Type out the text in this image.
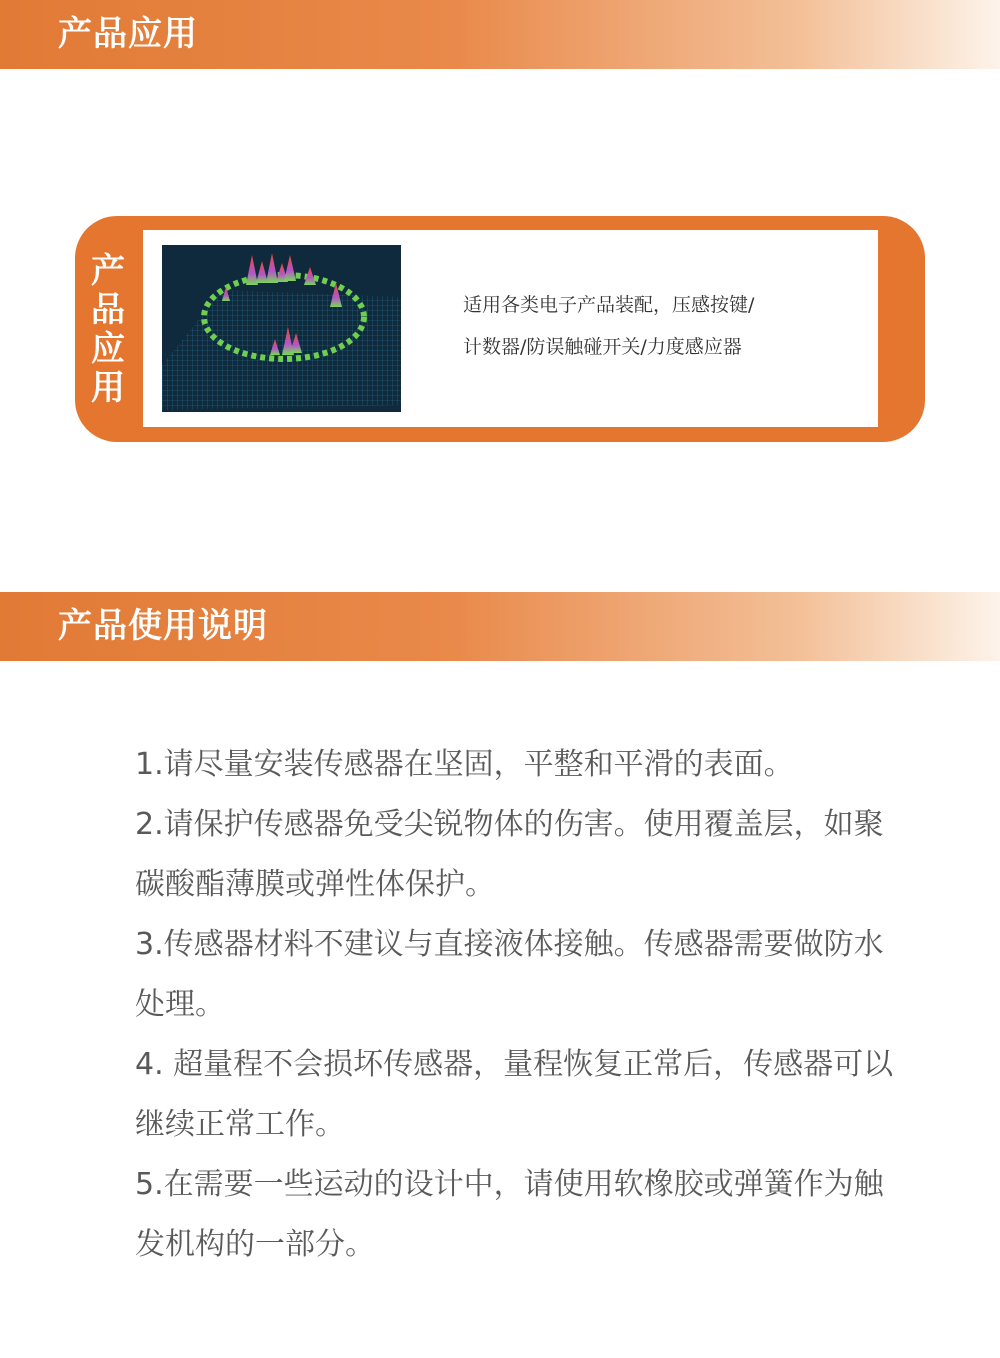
产品应用
产品应用
适用各类电子产品装配，压感按键/
计数器/防误触碰开关/力度感应器
产品使用说明

1.请尽量安装传感器在坚固，平整和平滑的表面。

2.请保护传感器免受尖锐物体的伤害。使用覆盖层，如聚碳酸酯薄膜或弹性体保护。

3.传感器材料不建议与直接液体接触。传感器需要做防水处理。

4. 超量程不会损坏传感器，量程恢复正常后，传感器可以继续正常工作。

5.在需要一些运动的设计中，请使用软橡胶或弹簧作为触发机构的一部分。
